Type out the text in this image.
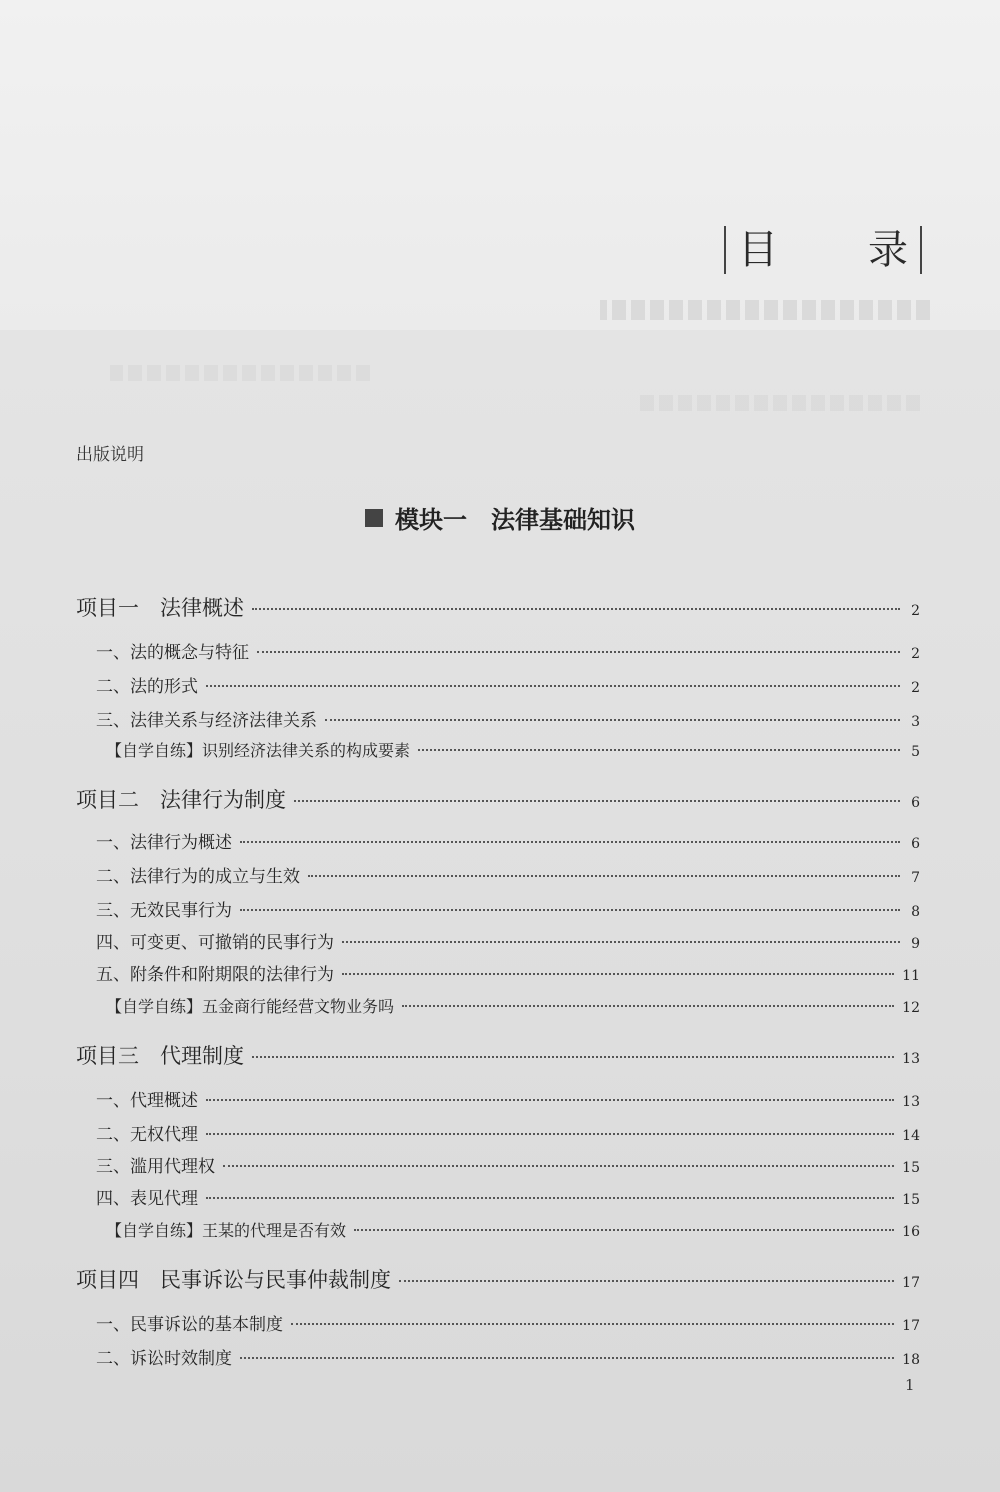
目 录
出版说明
模块一　法律基础知识
项目一　法律概述	2
一、法的概念与特征	2
二、法的形式	2
三、法律关系与经济法律关系	3
【自学自练】识别经济法律关系的构成要素	5
项目二　法律行为制度	6
一、法律行为概述	6
二、法律行为的成立与生效	7
三、无效民事行为	8
四、可变更、可撤销的民事行为	9
五、附条件和附期限的法律行为	11
【自学自练】五金商行能经营文物业务吗	12
项目三　代理制度	13
一、代理概述	13
二、无权代理	14
三、滥用代理权	15
四、表见代理	15
【自学自练】王某的代理是否有效	16
项目四　民事诉讼与民事仲裁制度	17
一、民事诉讼的基本制度	17
二、诉讼时效制度	18
1
